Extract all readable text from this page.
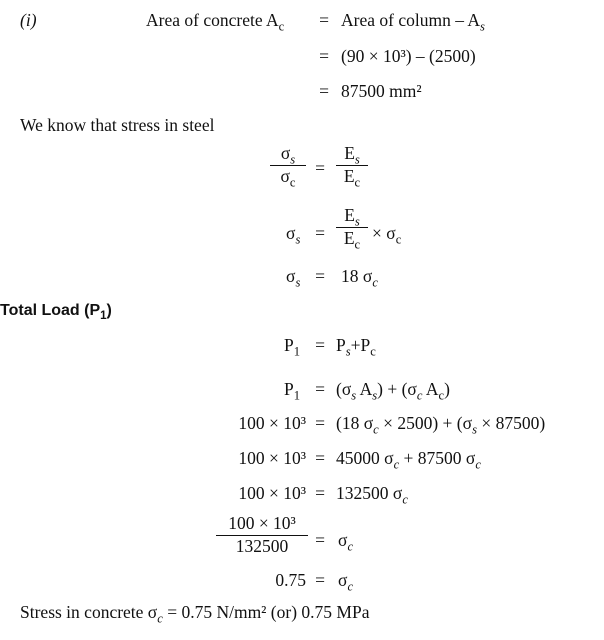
(i)	Area of concrete $A_c$ = Area of column – $A_s$
= (90 × 10³) – (2500)
= 87500 mm²
We know that stress in steel
$\sigma_s$
$\sigma_c$
=
$E_s$
$E_c$
$\sigma_s$ =
$E_s$
$E_c$
× $\sigma_c$
$\sigma_s = 18$ $\sigma_c$
Total Load $(P_1)$
$P_1 = P_s+P_c$
$P_1 = (\sigma_s$ $A_s) + (\sigma_c$ $A_c$)
100 × 10³ = (18 $\sigma_c \times 2500) + (\sigma_s \times 87500)$
100 × 10³ = 45000 $\sigma_c + 87500$ $\sigma_c$
100 × 10³ = 132500 $\sigma_c$
100 × 10³
132500	= $\sigma_c$
$0.75 = \sigma_c$
Stress in concrete $\sigma_c = 0.75$ N/mm² (or) 0.75 MPa
